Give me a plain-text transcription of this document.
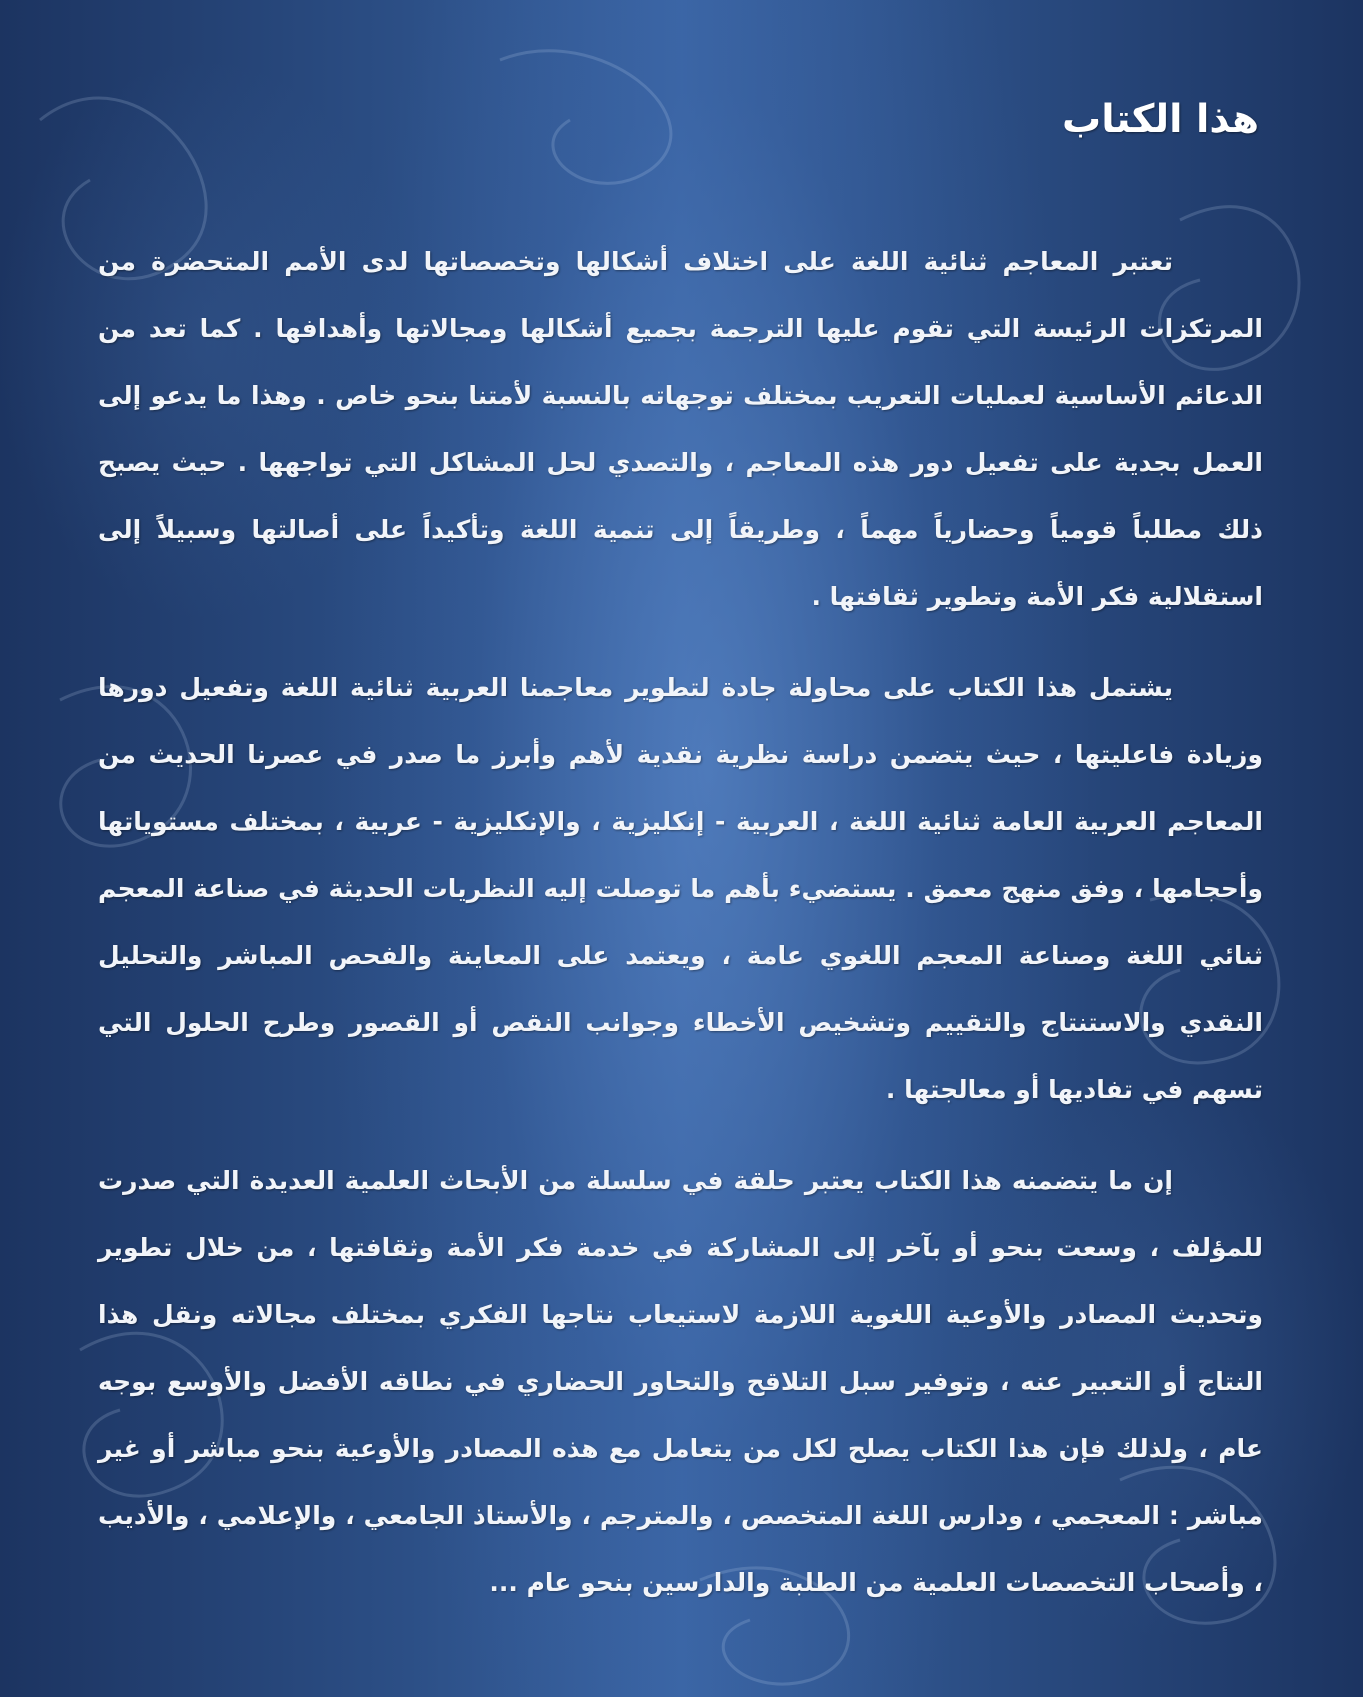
هذا الكتاب

تعتبر المعاجم ثنائية اللغة على اختلاف أشكالها وتخصصاتها لدى الأمم المتحضرة من المرتكزات الرئيسة التي تقوم عليها الترجمة بجميع أشكالها ومجالاتها وأهدافها . كما تعد من الدعائم الأساسية لعمليات التعريب بمختلف توجهاته بالنسبة لأمتنا بنحو خاص . وهذا ما يدعو إلى العمل بجدية على تفعيل دور هذه المعاجم ، والتصدي لحل المشاكل التي تواجهها . حيث يصبح ذلك مطلباً قومياً وحضارياً مهماً ، وطريقاً إلى تنمية اللغة وتأكيداً على أصالتها وسبيلاً إلى استقلالية فكر الأمة وتطوير ثقافتها .

يشتمل هذا الكتاب على محاولة جادة لتطوير معاجمنا العربية ثنائية اللغة وتفعيل دورها وزيادة فاعليتها ، حيث يتضمن دراسة نظرية نقدية لأهم وأبرز ما صدر في عصرنا الحديث من المعاجم العربية العامة ثنائية اللغة ، العربية - إنكليزية ، والإنكليزية - عربية ، بمختلف مستوياتها وأحجامها ، وفق منهج معمق . يستضيء بأهم ما توصلت إليه النظريات الحديثة في صناعة المعجم ثنائي اللغة وصناعة المعجم اللغوي عامة ، ويعتمد على المعاينة والفحص المباشر والتحليل النقدي والاستنتاج والتقييم وتشخيص الأخطاء وجوانب النقص أو القصور وطرح الحلول التي تسهم في تفاديها أو معالجتها .

إن ما يتضمنه هذا الكتاب يعتبر حلقة في سلسلة من الأبحاث العلمية العديدة التي صدرت للمؤلف ، وسعت بنحو أو بآخر إلى المشاركة في خدمة فكر الأمة وثقافتها ، من خلال تطوير وتحديث المصادر والأوعية اللغوية اللازمة لاستيعاب نتاجها الفكري بمختلف مجالاته ونقل هذا النتاج أو التعبير عنه ، وتوفير سبل التلاقح والتحاور الحضاري في نطاقه الأفضل والأوسع بوجه عام ، ولذلك فإن هذا الكتاب يصلح لكل من يتعامل مع هذه المصادر والأوعية بنحو مباشر أو غير مباشر : المعجمي ، ودارس اللغة المتخصص ، والمترجم ، والأستاذ الجامعي ، والإعلامي ، والأديب ، وأصحاب التخصصات العلمية من الطلبة والدارسين بنحو عام ...
